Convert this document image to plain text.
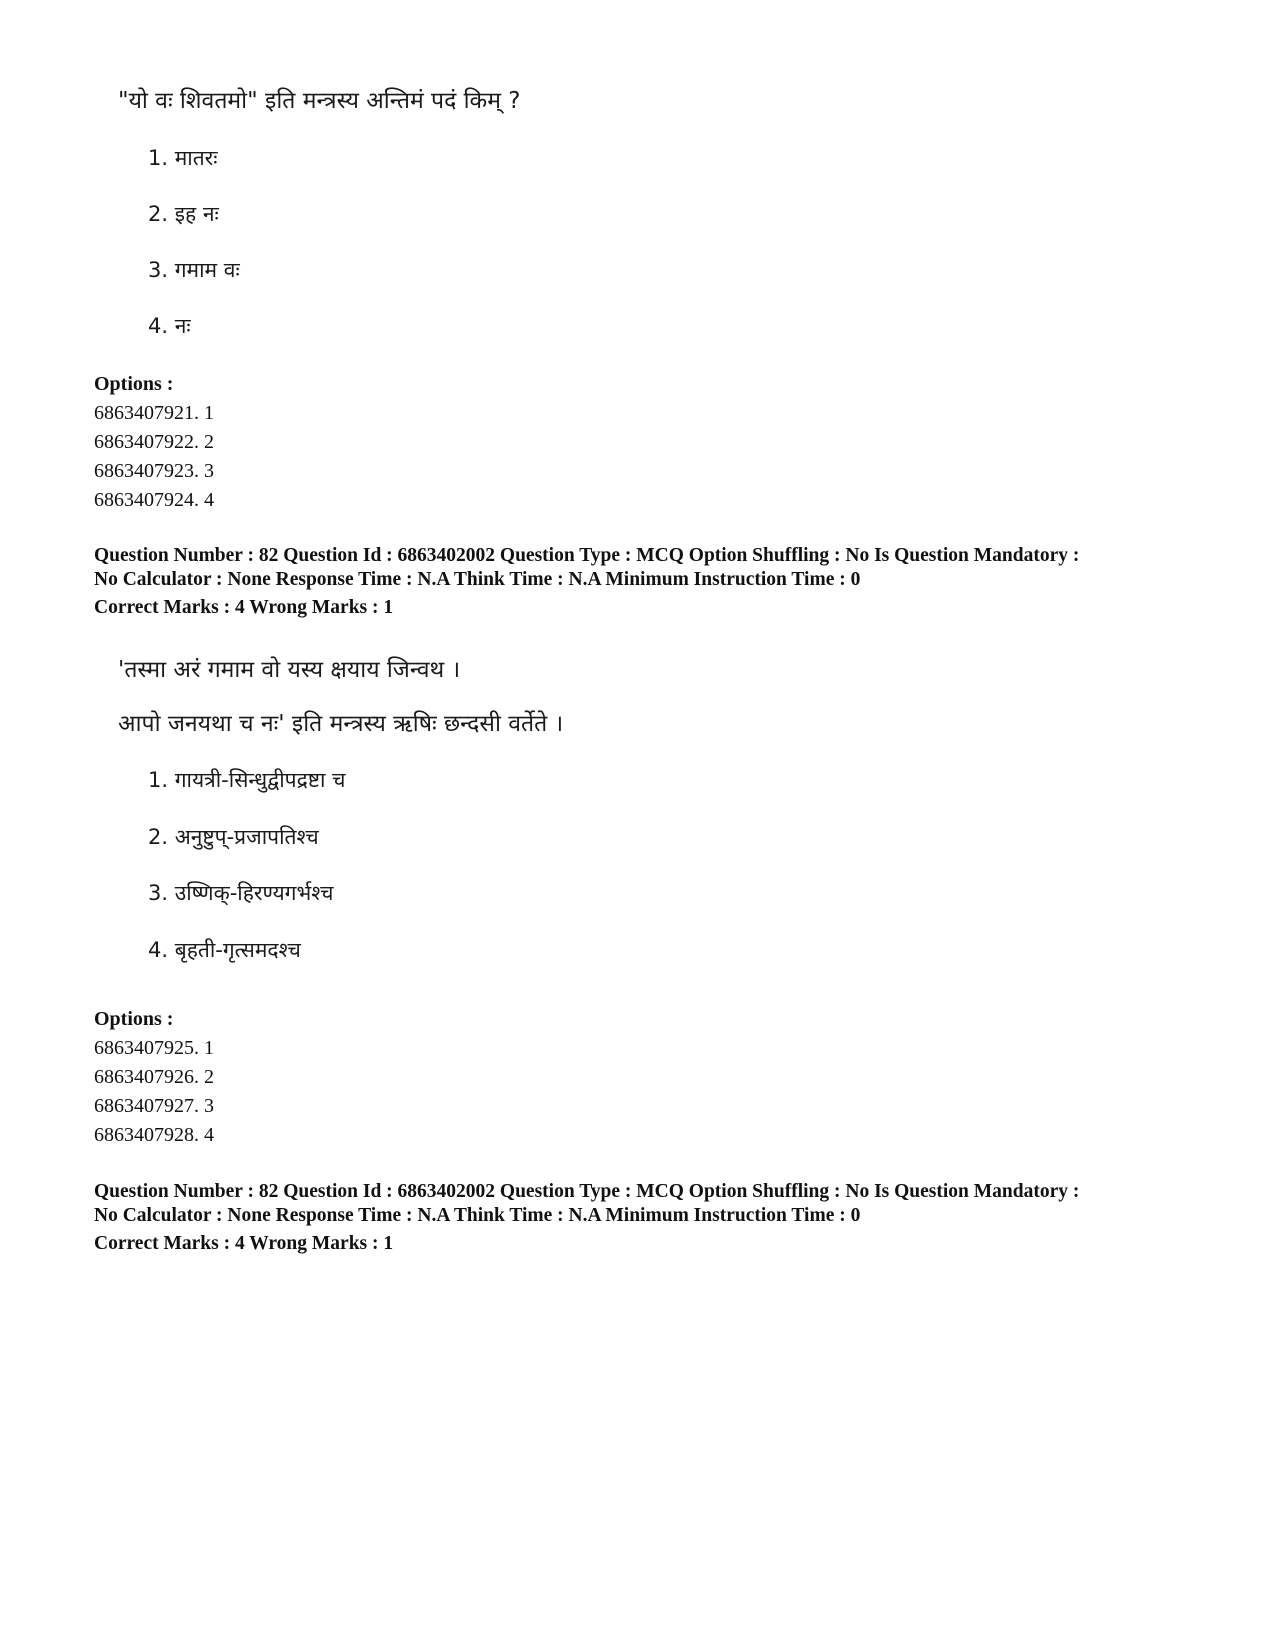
"यो वः शिवतमो" इति मन्त्रस्य अन्तिमं पदं किम् ?
1. मातरः
2. इह नः
3. गमाम वः
4. नः
Options :
6863407921. 1
6863407922. 2
6863407923. 3
6863407924. 4
Question Number : 82 Question Id : 6863402002 Question Type : MCQ Option Shuffling : No Is Question Mandatory :
No Calculator : None Response Time : N.A Think Time : N.A Minimum Instruction Time : 0
Correct Marks : 4 Wrong Marks : 1
'तस्मा अरं गमाम वो यस्य क्षयाय जिन्वथ ।
आपो जनयथा च नः' इति मन्त्रस्य ऋषिः छन्दसी वर्तेते ।
1. गायत्री-सिन्धुद्वीपद्रष्टा च
2. अनुष्टुप्-प्रजापतिश्च
3. उष्णिक्-हिरण्यगर्भश्च
4. बृहती-गृत्समदश्च
Options :
6863407925. 1
6863407926. 2
6863407927. 3
6863407928. 4
Question Number : 82 Question Id : 6863402002 Question Type : MCQ Option Shuffling : No Is Question Mandatory :
No Calculator : None Response Time : N.A Think Time : N.A Minimum Instruction Time : 0
Correct Marks : 4 Wrong Marks : 1
